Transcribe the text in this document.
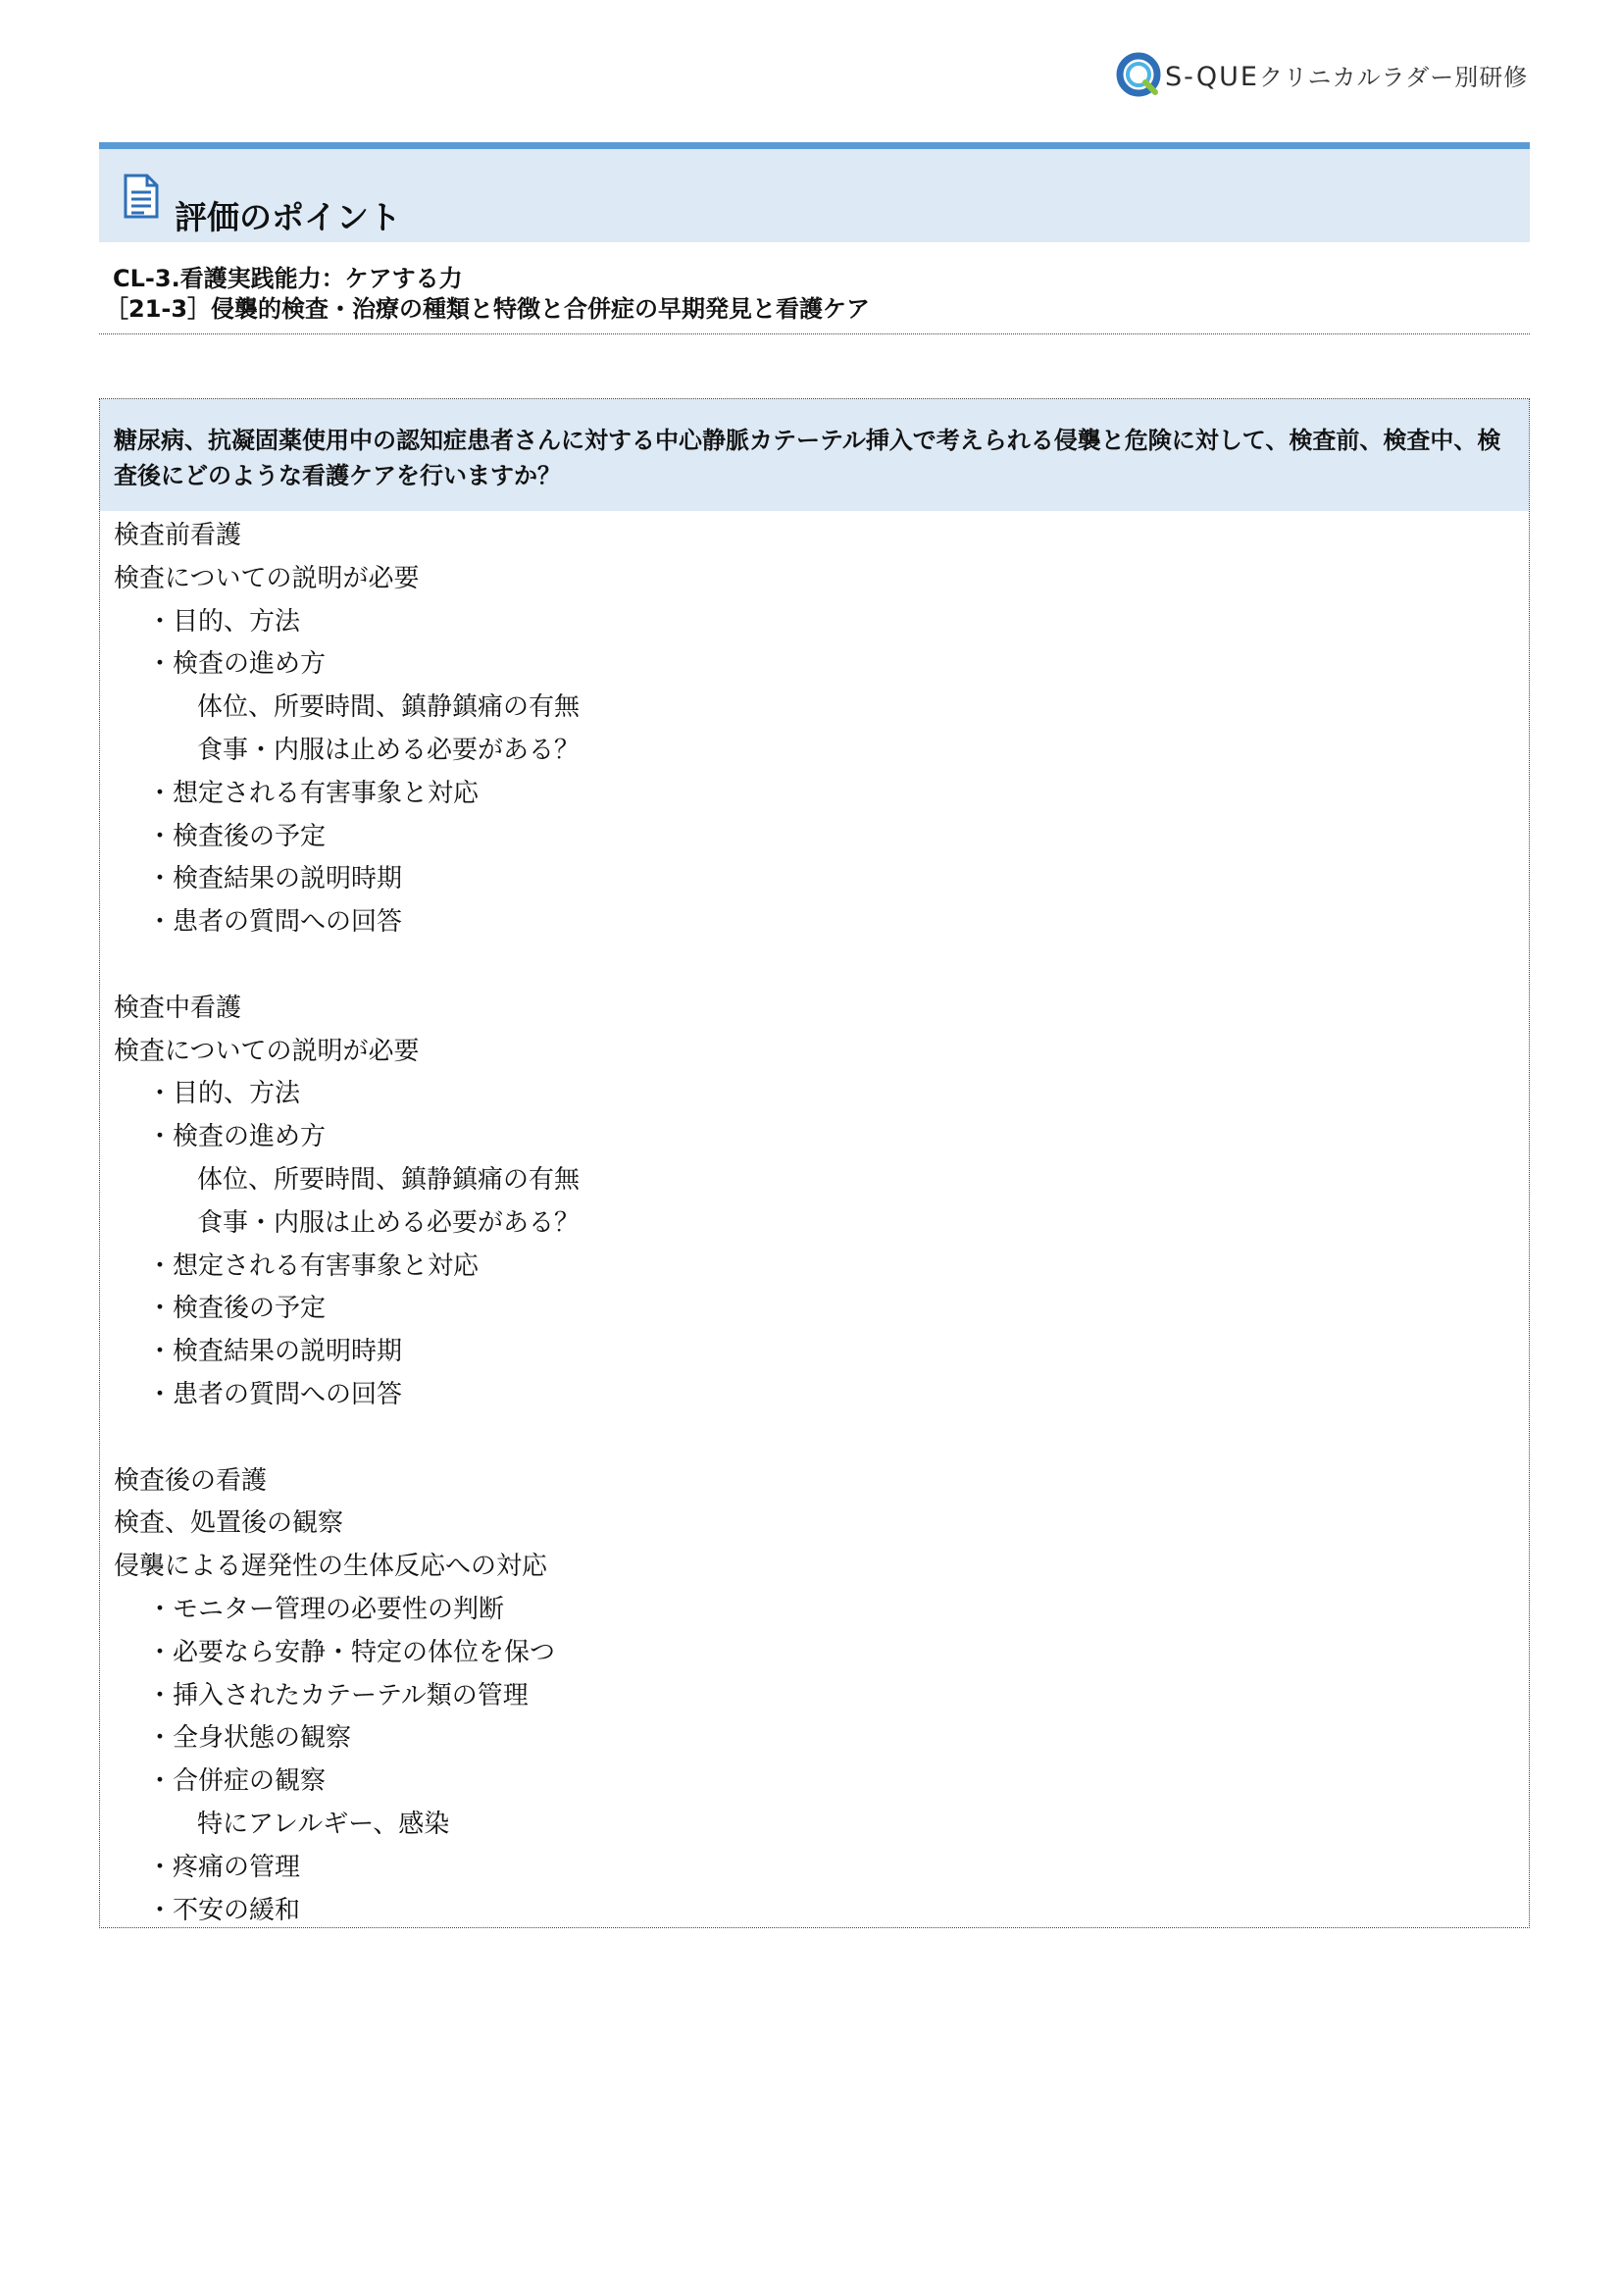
S-QUEクリニカルラダー別研修
評価のポイント
CL-3.看護実践能力：ケアする力
［21-3］侵襲的検査・治療の種類と特徴と合併症の早期発見と看護ケア
糖尿病、抗凝固薬使用中の認知症患者さんに対する中心静脈カテーテル挿入で考えられる侵襲と危険に対して、検査前、検査中、検査後にどのような看護ケアを行いますか？
検査前看護
検査についての説明が必要
・目的、方法
・検査の進め方
体位、所要時間、鎮静鎮痛の有無
食事・内服は止める必要がある？
・想定される有害事象と対応
・検査後の予定
・検査結果の説明時期
・患者の質問への回答
検査中看護
検査についての説明が必要
・目的、方法
・検査の進め方
体位、所要時間、鎮静鎮痛の有無
食事・内服は止める必要がある？
・想定される有害事象と対応
・検査後の予定
・検査結果の説明時期
・患者の質問への回答
検査後の看護
検査、処置後の観察
侵襲による遅発性の生体反応への対応
・モニター管理の必要性の判断
・必要なら安静・特定の体位を保つ
・挿入されたカテーテル類の管理
・全身状態の観察
・合併症の観察
特にアレルギー、感染
・疼痛の管理
・不安の緩和
